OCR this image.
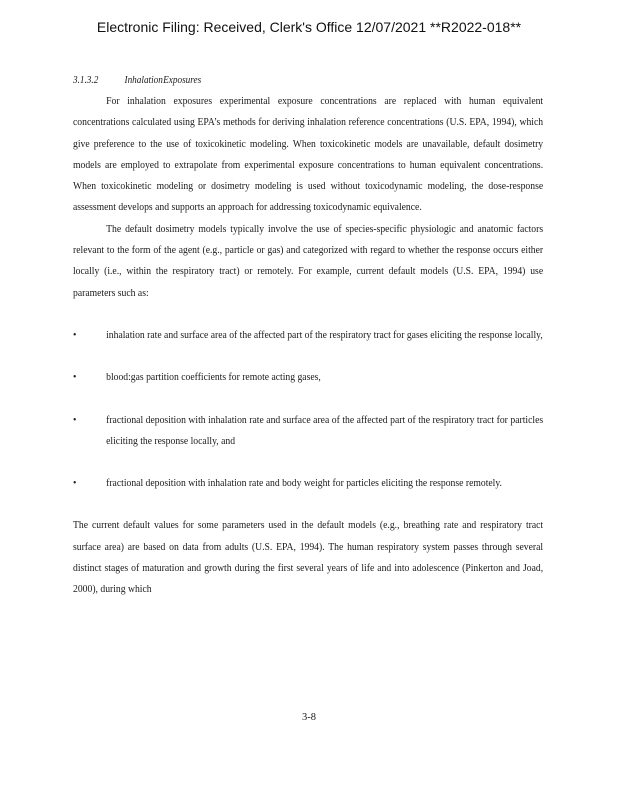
Electronic Filing: Received, Clerk's Office 12/07/2021 **R2022-018**
3.1.3.2	InhalationExposures

For inhalation exposures experimental exposure concentrations are replaced with human equivalent concentrations calculated using EPA’s methods for deriving inhalation reference concentrations (U.S. EPA, 1994), which give preference to the use of toxicokinetic modeling. When toxicokinetic models are unavailable, default dosimetry models are employed to extrapolate from experimental exposure concentrations to human equivalent concentrations. When toxicokinetic modeling or dosimetry modeling is used without toxicodynamic modeling, the dose-response assessment develops and supports an approach for addressing toxicodynamic equivalence.

The default dosimetry models typically involve the use of species-specific physiologic and anatomic factors relevant to the form of the agent (e.g., particle or gas) and categorized with regard to whether the response occurs either locally (i.e., within the respiratory tract) or remotely. For example, current default models (U.S. EPA, 1994) use parameters such as:

•	inhalation rate and surface area of the affected part of the respiratory tract for gases eliciting the response locally,
•	blood:gas partition coefficients for remote acting gases,
•	fractional deposition with inhalation rate and surface area of the affected part of the respiratory tract for particles eliciting the response locally, and
•	fractional deposition with inhalation rate and body weight for particles eliciting the response remotely.

The current default values for some parameters used in the default models (e.g., breathing rate and respiratory tract surface area) are based on data from adults (U.S. EPA, 1994). The human respiratory system passes through several distinct stages of maturation and growth during the first several years of life and into adolescence (Pinkerton and Joad, 2000), during which

3-8
